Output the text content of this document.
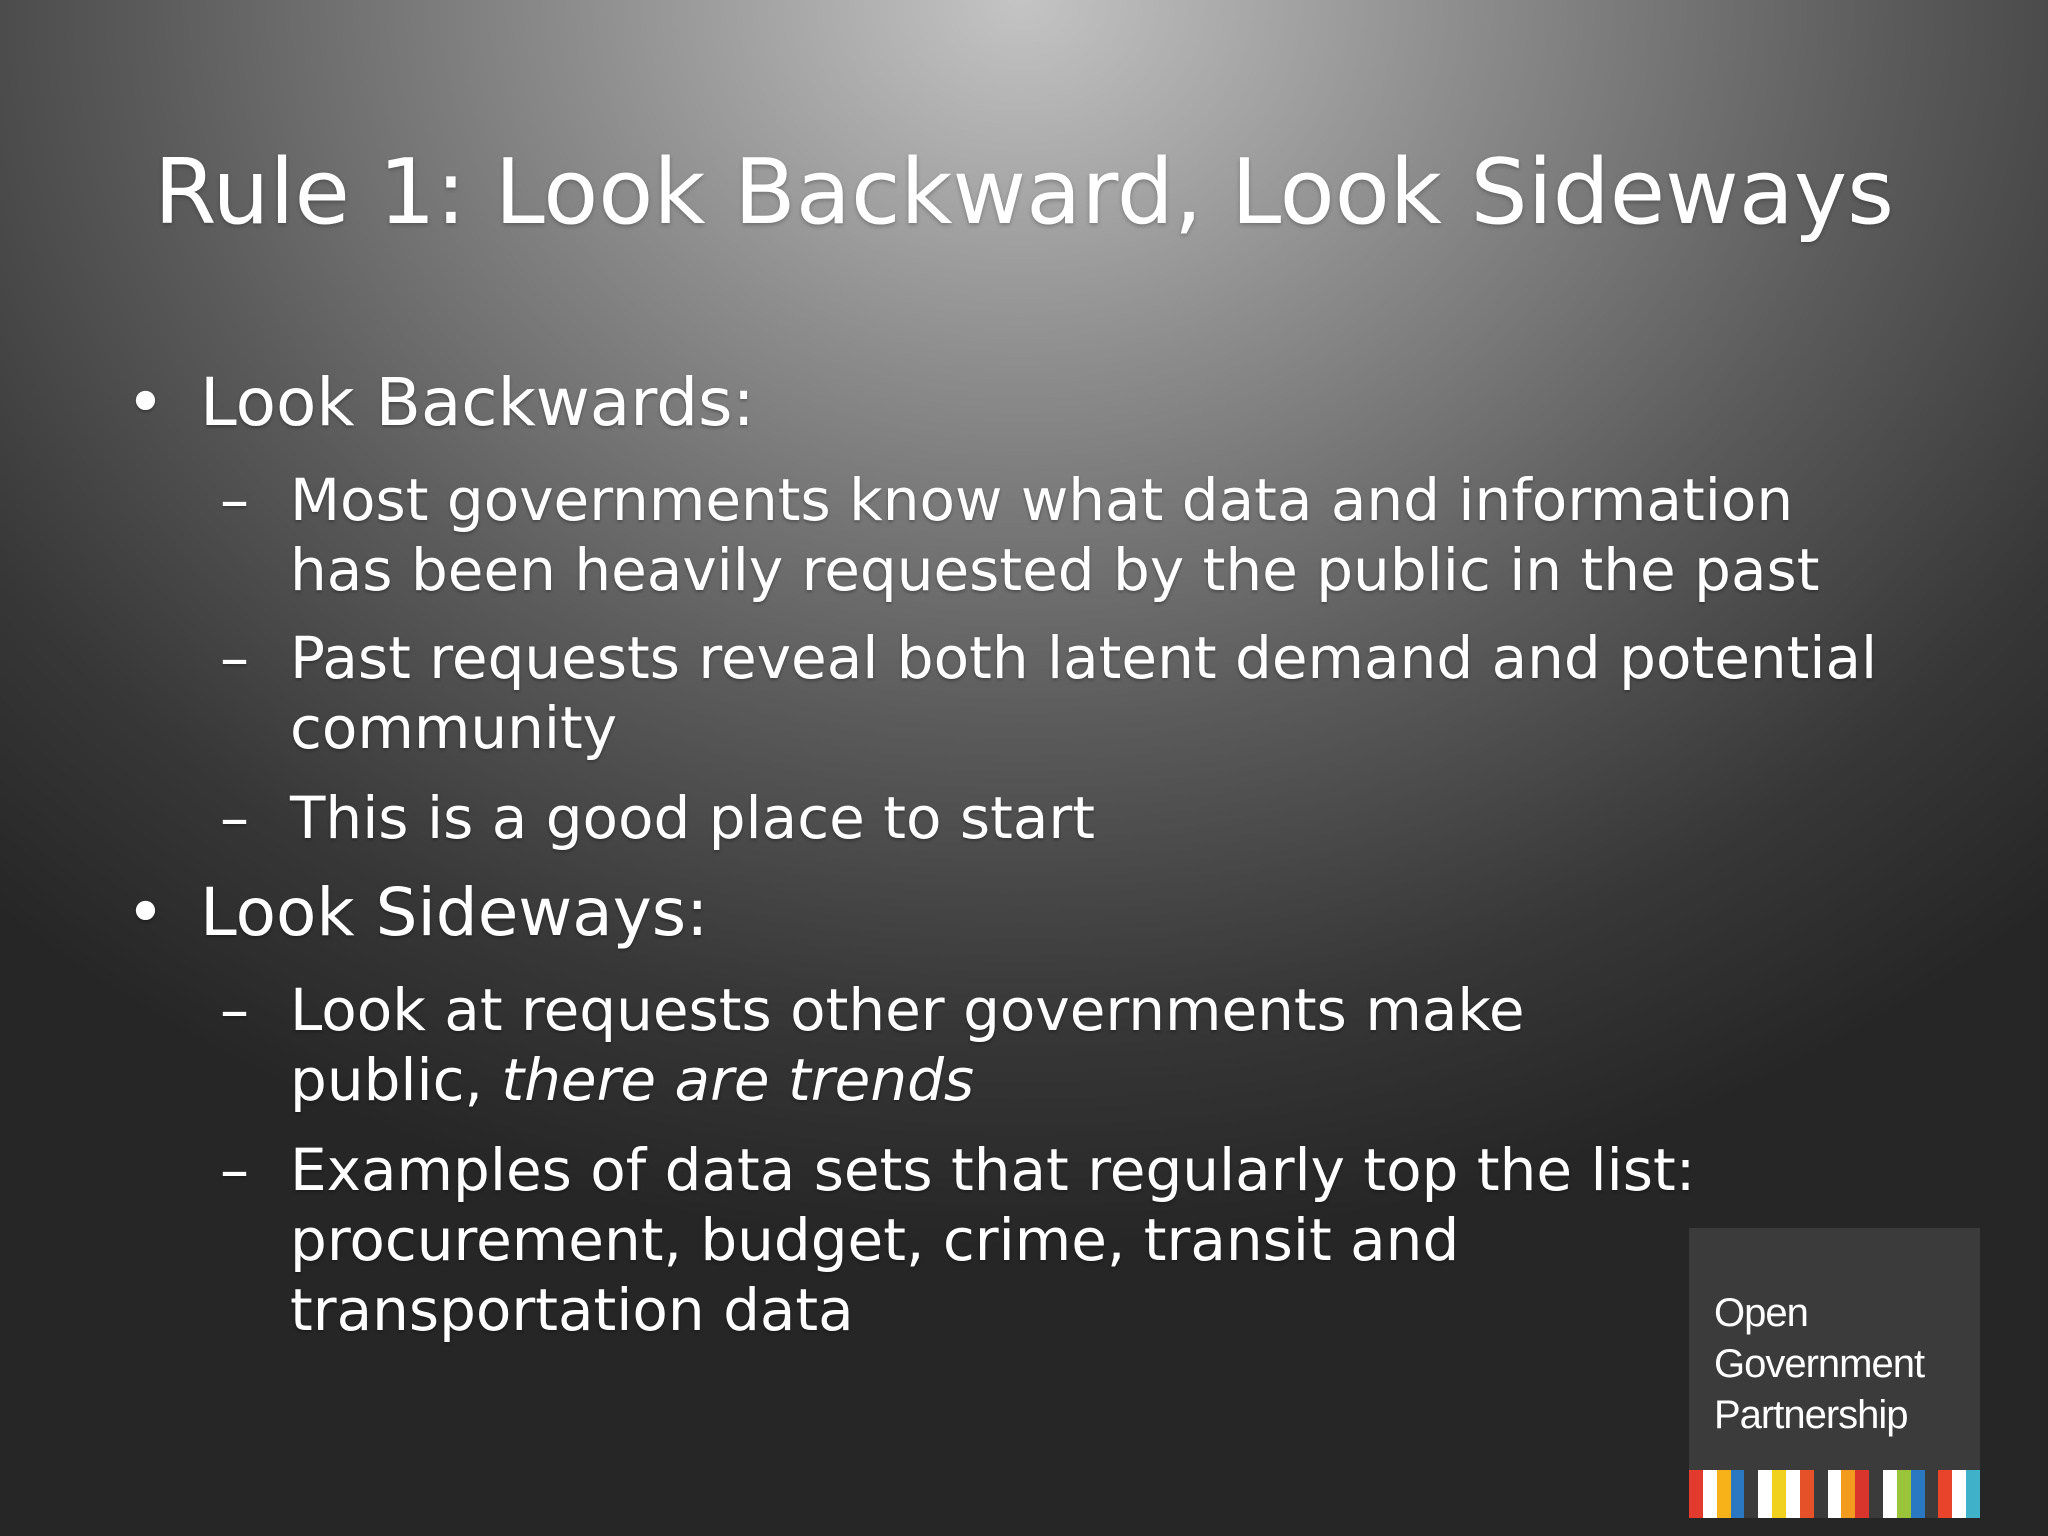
Rule 1: Look Backward, Look Sideways
• Look Backwards:
– Most governments know what data and information
has been heavily requested by the public in the past
– Past requests reveal both latent demand and potential
community
– This is a good place to start
• Look Sideways:
– Look at requests other governments make
public, there are trends
– Examples of data sets that regularly top the list:
procurement, budget, crime, transit and
transportation data	Open
Government
Partnership
